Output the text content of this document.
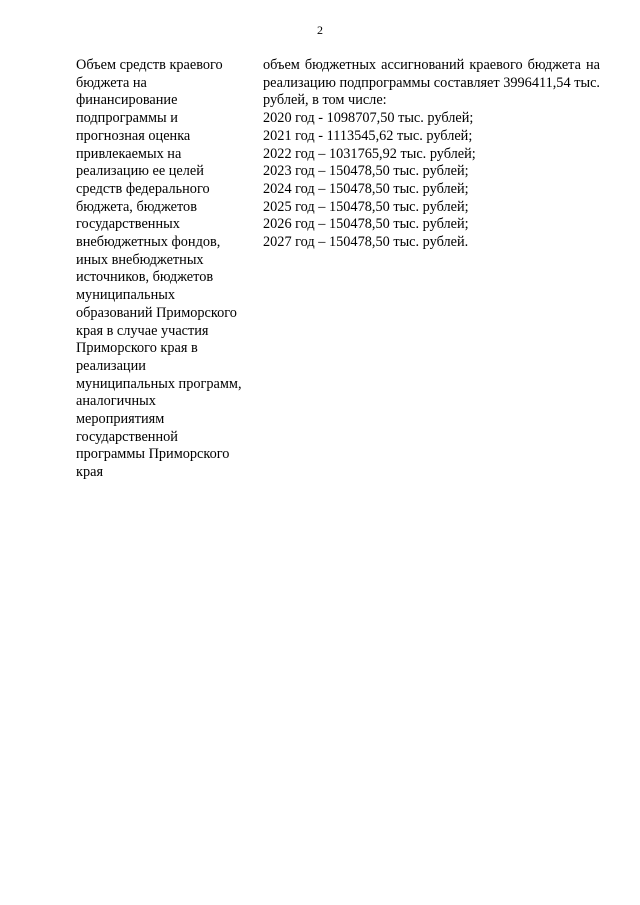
2
Объем средств краевого
бюджета на
финансирование
подпрограммы и
прогнозная оценка
привлекаемых на
реализацию ее целей
средств федерального
бюджета, бюджетов
государственных
внебюджетных фондов,
иных внебюджетных
источников, бюджетов
муниципальных
образований Приморского
края в случае участия
Приморского края в
реализации
муниципальных программ,
аналогичных
мероприятиям
государственной
программы Приморского
края
объем бюджетных ассигнований краевого бюджета на реализацию подпрограммы составляет 3996411,54 тыс. рублей, в том числе:
2020 год - 1098707,50 тыс. рублей;
2021 год - 1113545,62 тыс. рублей;
2022 год – 1031765,92 тыс. рублей;
2023 год – 150478,50 тыс. рублей;
2024 год – 150478,50 тыс. рублей;
2025 год – 150478,50 тыс. рублей;
2026 год – 150478,50 тыс. рублей;
2027 год – 150478,50 тыс. рублей.
